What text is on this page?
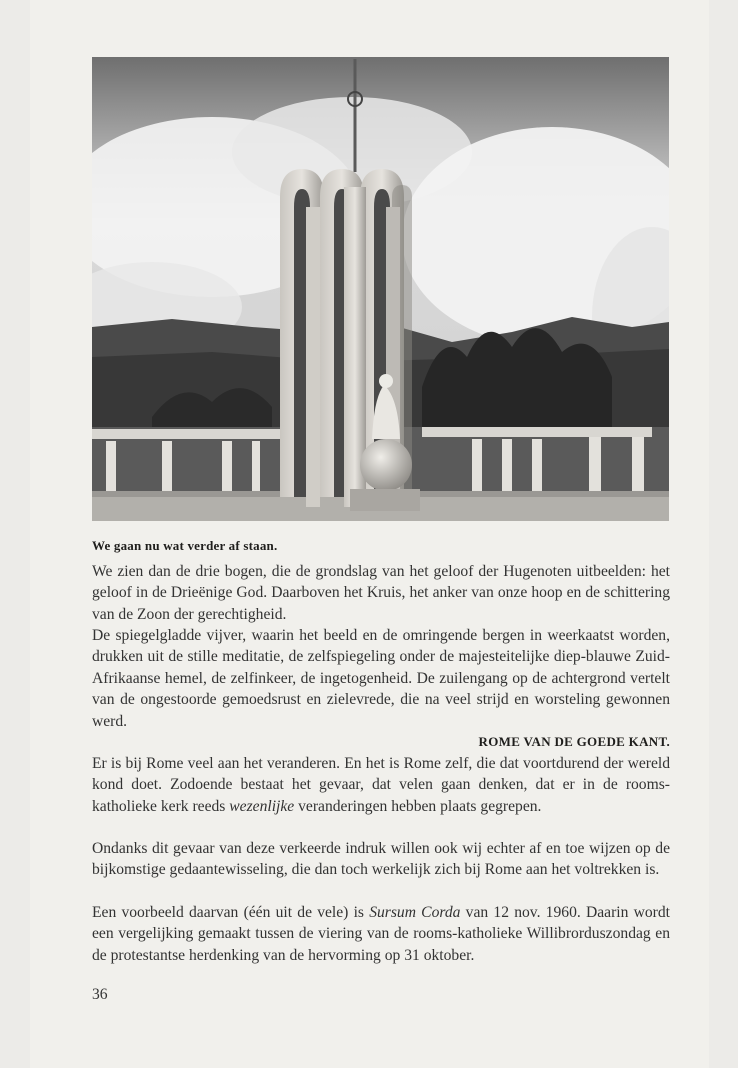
We gaan nu wat verder af staan.
We zien dan de drie bogen, die de grondslag van het geloof der Hugenoten uitbeelden: het geloof in de Drieënige God. Daarboven het Kruis, het anker van onze hoop en de schittering van de Zoon der gerechtigheid.
De spiegelgladde vijver, waarin het beeld en de omringende bergen in weerkaatst worden, drukken uit de stille meditatie, de zelfspiegeling onder de majesteitelijke diep-blauwe Zuid-Afrikaanse hemel, de zelfinkeer, de ingetogenheid. De zuilengang op de achtergrond vertelt van de ongestoorde gemoedsrust en zielevrede, die na veel strijd en worsteling gewonnen werd.
ROME VAN DE GOEDE KANT.
Er is bij Rome veel aan het veranderen. En het is Rome zelf, die dat voortdurend der wereld kond doet. Zodoende bestaat het gevaar, dat velen gaan denken, dat er in de rooms-katholieke kerk reeds wezenlijke veranderingen hebben plaats gegrepen.
Ondanks dit gevaar van deze verkeerde indruk willen ook wij echter af en toe wijzen op de bijkomstige gedaantewisseling, die dan toch werkelijk zich bij Rome aan het voltrekken is.
Een voorbeeld daarvan (één uit de vele) is Sursum Corda van 12 nov. 1960. Daarin wordt een vergelijking gemaakt tussen de viering van de rooms-katholieke Willibrorduszondag en de protestantse herdenking van de hervorming op 31 oktober.
36
